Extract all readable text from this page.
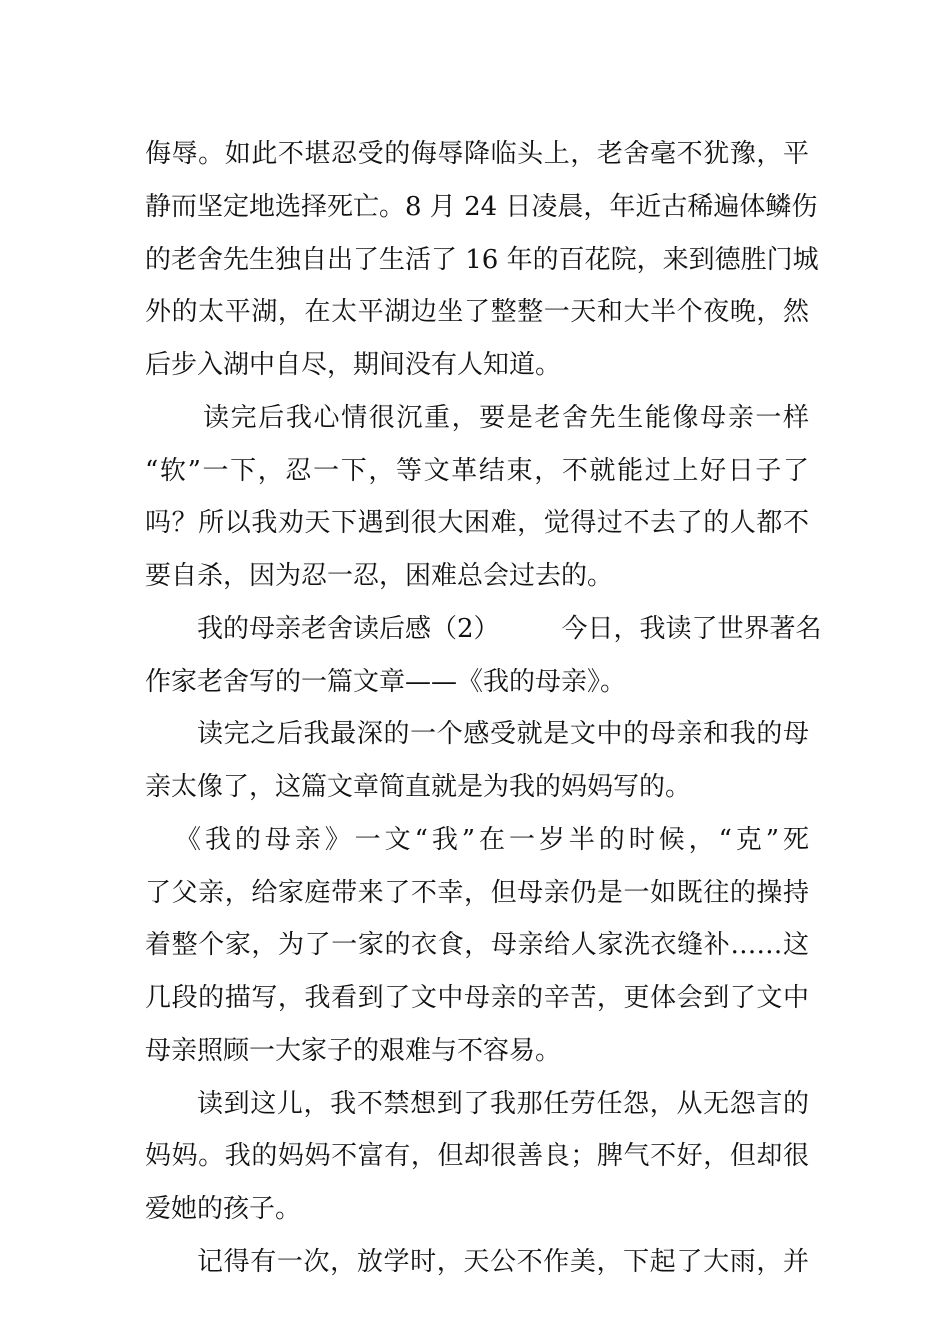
侮辱。如此不堪忍受的侮辱降临头上，老舍毫不犹豫，平
静而坚定地选择死亡。8 月 24 日凌晨，年近古稀遍体鳞伤
的老舍先生独自出了生活了 16 年的百花院，来到德胜门城
外的太平湖，在太平湖边坐了整整一天和大半个夜晚，然
后步入湖中自尽，期间没有人知道。
读完后我心情很沉重，要是老舍先生能像母亲一样
“软”一下，忍一下，等文革结束，不就能过上好日子了
吗？所以我劝天下遇到很大困难，觉得过不去了的人都不
要自杀，因为忍一忍，困难总会过去的。
我的母亲老舍读后感（2） 今日，我读了世界著名
作家老舍写的一篇文章——《我的母亲》。
读完之后我最深的一个感受就是文中的母亲和我的母
亲太像了，这篇文章简直就是为我的妈妈写的。
《我的母亲》一文“我”在一岁半的时候，“克”死
了父亲，给家庭带来了不幸，但母亲仍是一如既往的操持
着整个家，为了一家的衣食，母亲给人家洗衣缝补……这
几段的描写，我看到了文中母亲的辛苦，更体会到了文中
母亲照顾一大家子的艰难与不容易。
读到这儿，我不禁想到了我那任劳任怨，从无怨言的
妈妈。我的妈妈不富有，但却很善良；脾气不好，但却很
爱她的孩子。
记得有一次，放学时，天公不作美，下起了大雨，并
